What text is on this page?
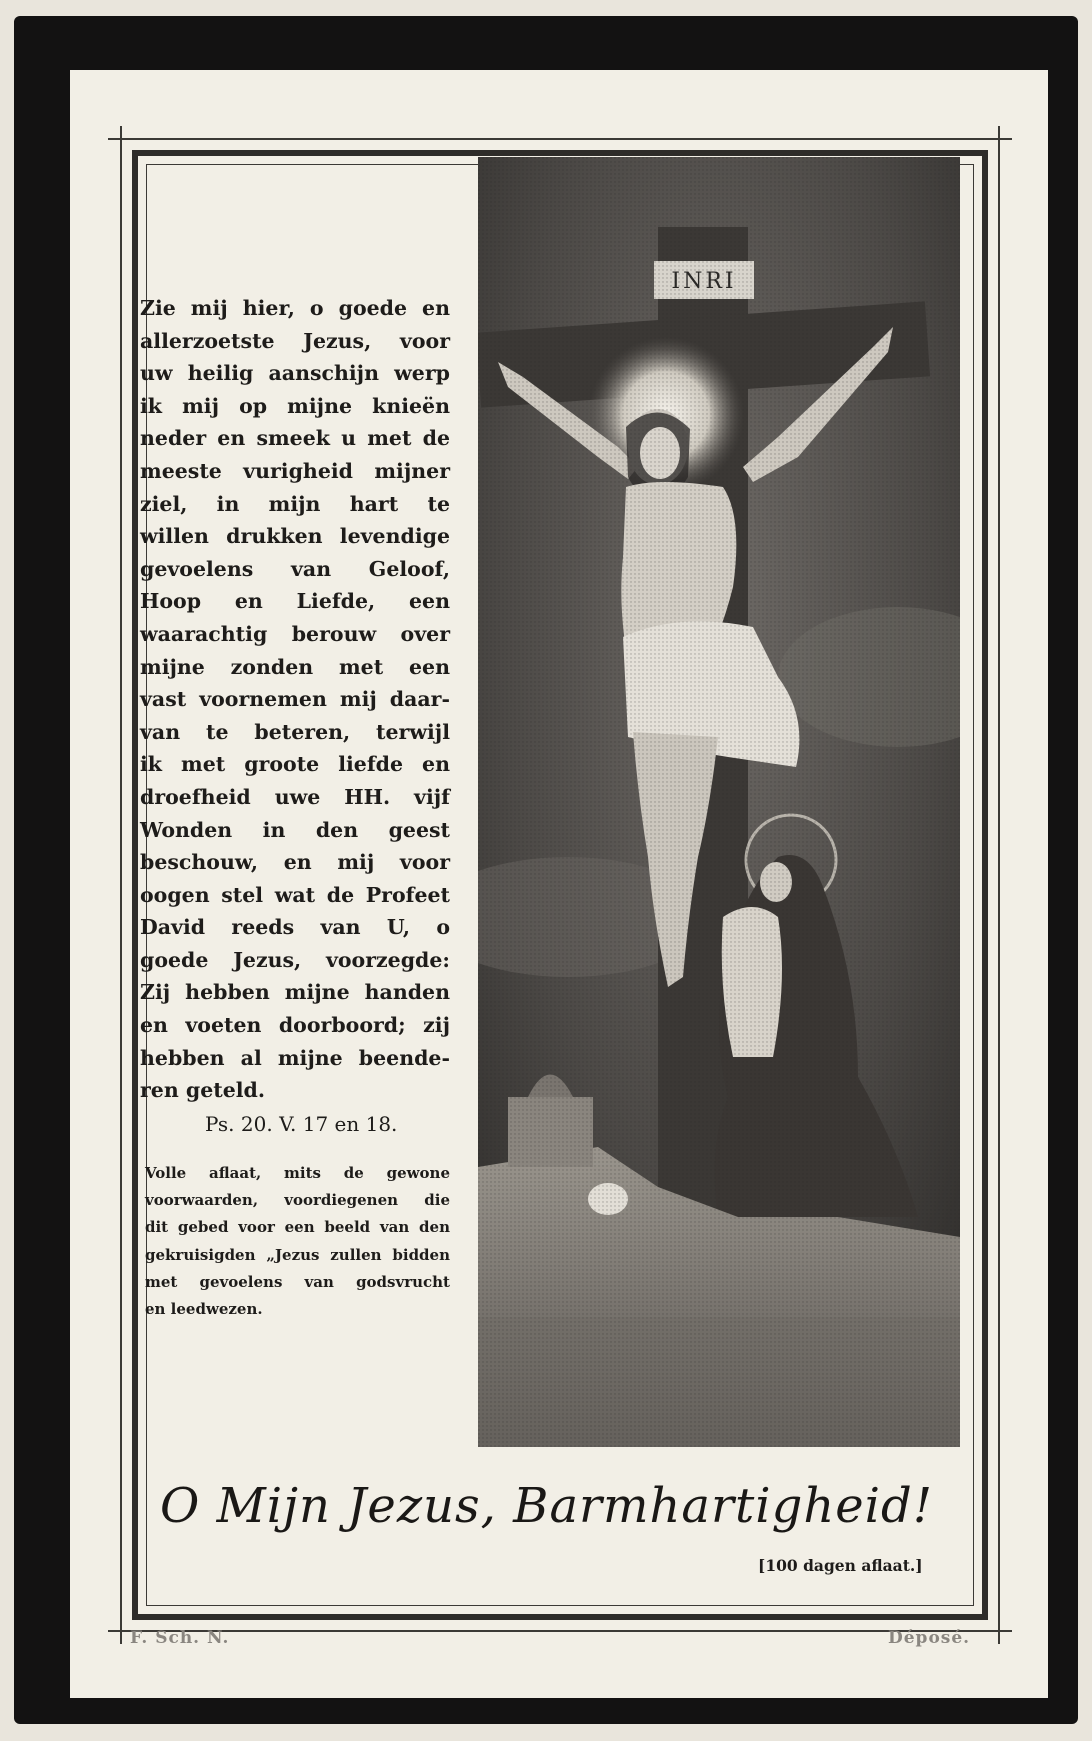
Zie mij hier, o goede en
allerzoetste Jezus, voor
uw heilig aanschijn werp
ik mij op mijne knieën
neder en smeek u met de
meeste vurigheid mijner
ziel, in mijn hart te
willen drukken levendige
gevoelens van Geloof,
Hoop en Liefde, een
waarachtig berouw over
mijne zonden met een
vast voornemen mij daar-
van te beteren, terwijl
ik met groote liefde en
droefheid uwe HH. vijf
Wonden in den geest
beschouw, en mij voor
oogen stel wat de Profeet
David reeds van U, o
goede Jezus, voorzegde:
Zij hebben mijne handen
en voeten doorboord; zij
hebben al mijne beende-
ren geteld.
Ps. 20. V. 17 en 18.
Volle aflaat, mits de gewone
voorwaarden, voordiegenen die
dit gebed voor een beeld van den
gekruisigden „Jezus zullen bidden
met gevoelens van godsvrucht
en leedwezen.
O Mijn Jezus, Barmhartigheid!
[100 dagen aflaat.]
F. Sch. N.	Déposé.
